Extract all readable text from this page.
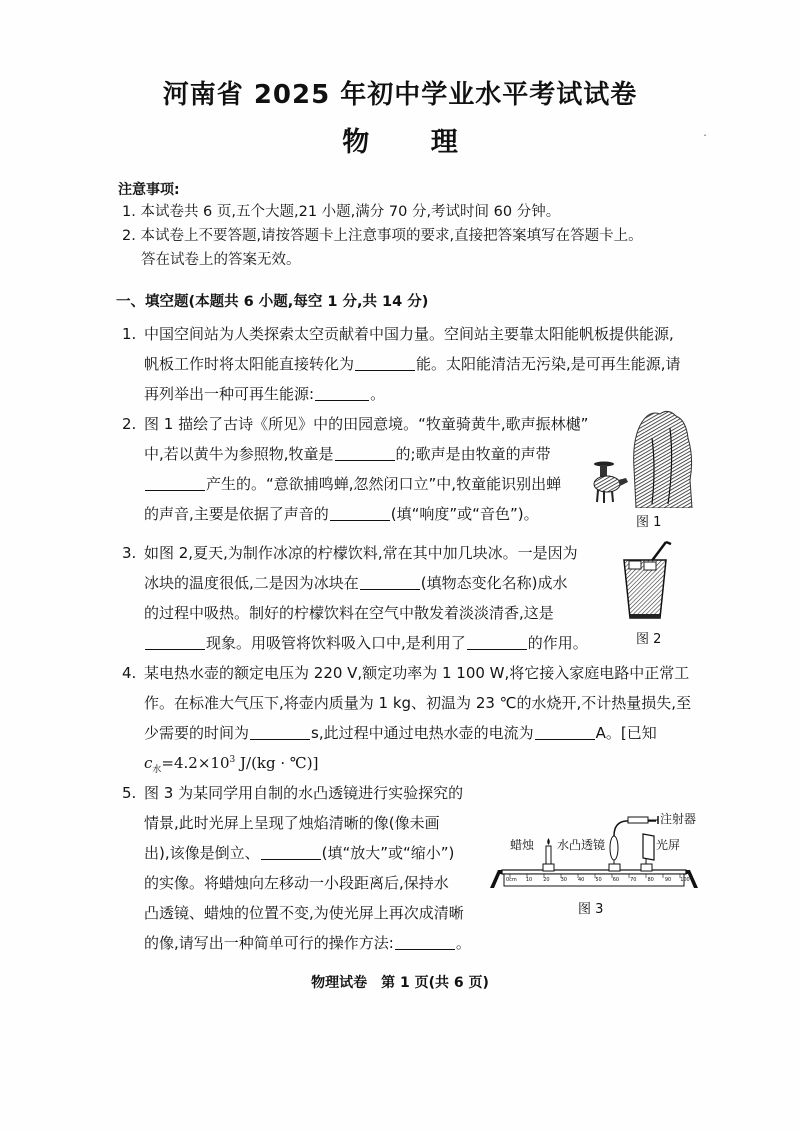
河南省 2025 年初中学业水平考试试卷
物 理	ˇ
注意事项:
1. 本试卷共 6 页,五个大题,21 小题,满分 70 分,考试时间 60 分钟。
2. 本试卷上不要答题,请按答题卡上注意事项的要求,直接把答案填写在答题卡上。
答在试卷上的答案无效。
一、填空题(本题共 6 小题,每空 1 分,共 14 分)
1. 中国空间站为人类探索太空贡献着中国力量。空间站主要靠太阳能帆板提供能源,
帆板工作时将太阳能直接转化为	能。太阳能清洁无污染,是可再生能源,请
再列举出一种可再生能源:	。
2. 图 1 描绘了古诗《所见》中的田园意境。“牧童骑黄牛,歌声振林樾”
中,若以黄牛为参照物,牧童是	的;歌声是由牧童的声带
产生的。“意欲捕鸣蝉,忽然闭口立”中,牧童能识别出蝉
的声音,主要是依据了声音的	(填“响度”或“音色”)。	图 1
3. 如图 2,夏天,为制作冰凉的柠檬饮料,常在其中加几块冰。一是因为
冰块的温度很低,二是因为冰块在	(填物态变化名称)成水
的过程中吸热。制好的柠檬饮料在空气中散发着淡淡清香,这是
现象。用吸管将饮料吸入口中,是利用了	的作用。	图 2
4. 某电热水壶的额定电压为 220 V,额定功率为 1 100 W,将它接入家庭电路中正常工
作。在标准大气压下,将壶内质量为 1 kg、初温为 23 ℃的水烧开,不计热量损失,至
少需要的时间为	s,此过程中通过电热水壶的电流为	A。[已知
$c_水=4.2\times 10^3$ J/(kg · ℃)]
5. 图 3 为某同学用自制的水凸透镜进行实验探究的
情景,此时光屏上呈现了烛焰清晰的像(像未画
出),该像是倒立、	(填“放大”或“缩小”)
的实像。将蜡烛向左移动一小段距离后,保持水
凸透镜、蜡烛的位置不变,为使光屏上再次成清晰
的像,请写出一种简单可行的操作方法:	。
蜡烛 水凸透镜
注射器
光屏
0cm 10 20 30 40 50 60 70 80 90 100
图 3
物理试卷　第 1 页(共 6 页)
